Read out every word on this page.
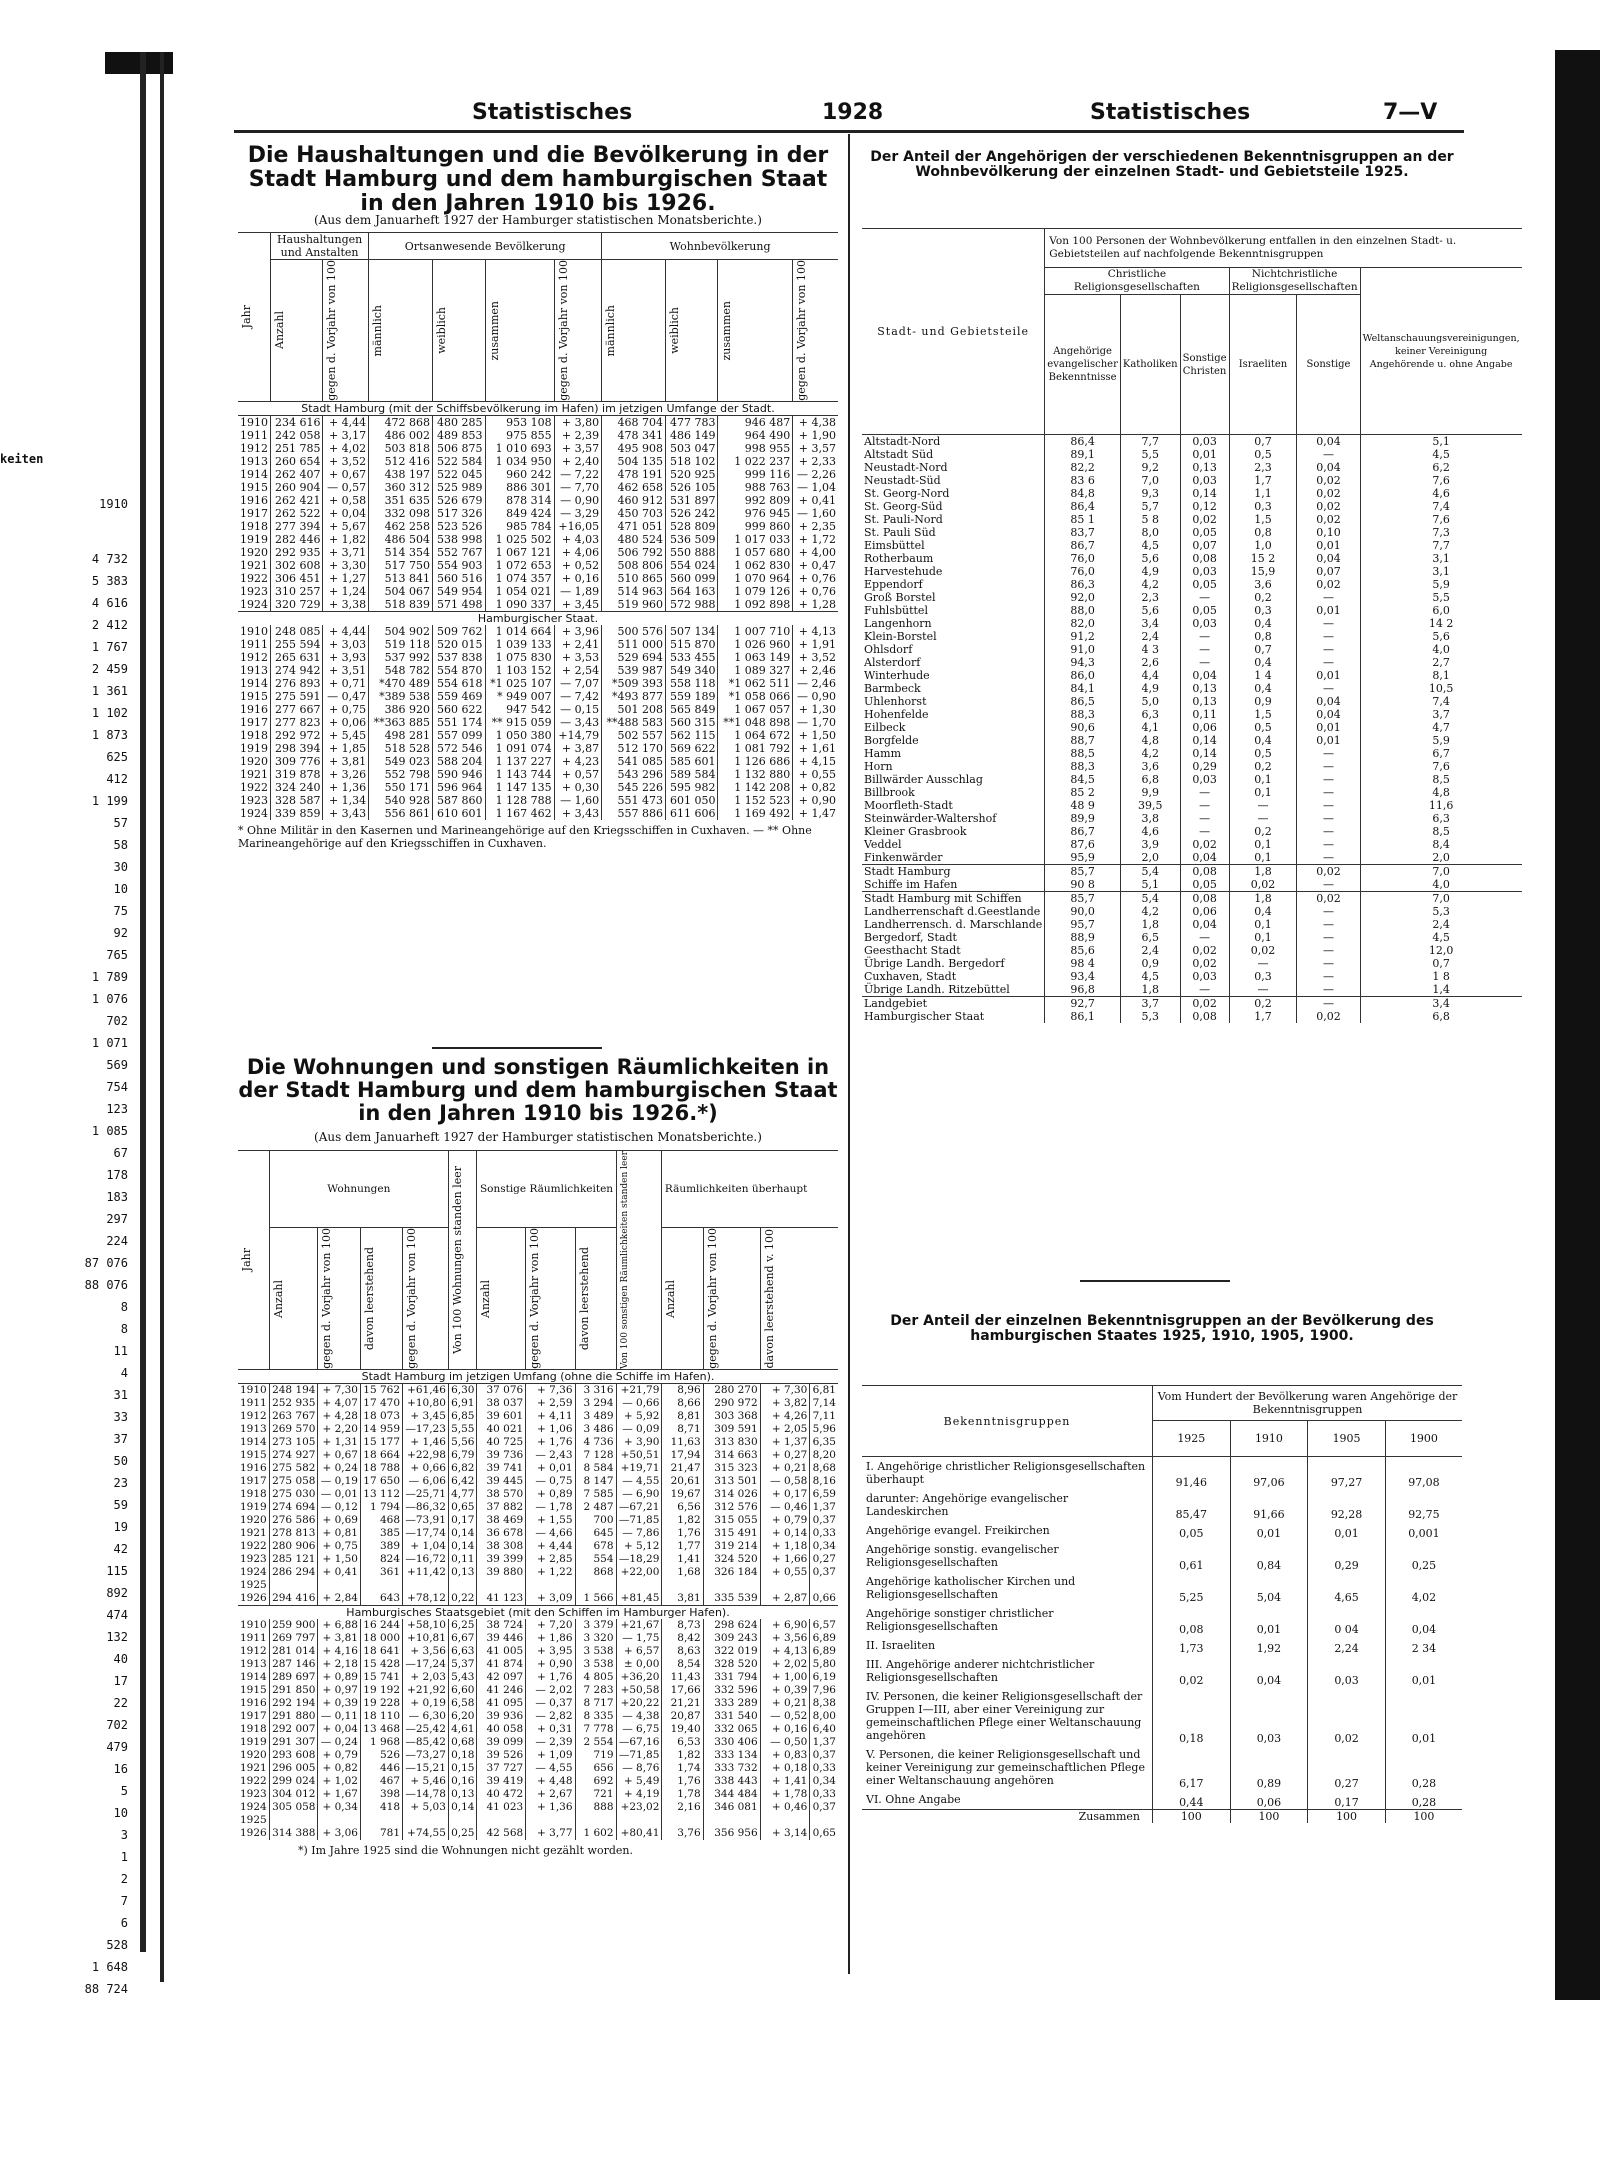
keiten
1910
4 732
5 383
4 616
2 412
1 767
2 459
1 361
1 102
1 873
625
412
1 199
57
58
30
10
75
92
765
1 789
1 076
702
1 071
569
754
123
1 085
67
178
183
297
224
87 076
88 076
8
8
11
4
31
33
37
50
23
59
19
42
115
892
474
132
40
17
22
702
479
16
5
10
3
1
2
7
6
528
1 648
88 724
Statistisches	1928	Statistisches	7—V
Die Haushaltungen und die Bevölkerung in der Stadt Hamburg und dem hamburgischen Staat in den Jahren 1910 bis 1926.
(Aus dem Januarheft 1927 der Hamburger statistischen Monatsberichte.)
Jahr	Haushaltungen und Anstalten		Ortsanwesende Bevölkerung				Wohnbevölkerung			

	Anzahl	gegen d. Vorjahr von 100	männlich	weiblich	zusammen	gegen d. Vorjahr von 100	männlich	weiblich	zusammen	gegen d. Vorjahr von 100

Stadt Hamburg (mit der Schiffsbevölkerung im Hafen) im jetzigen Umfange der Stadt.										
1910	234 616	+ 4,44	472 868	480 285	953 108	+ 3,80	468 704	477 783	946 487	+ 4,38
1911	242 058	+ 3,17	486 002	489 853	975 855	+ 2,39	478 341	486 149	964 490	+ 1,90
1912	251 785	+ 4,02	503 818	506 875	1 010 693	+ 3,57	495 908	503 047	998 955	+ 3,57
1913	260 654	+ 3,52	512 416	522 584	1 034 950	+ 2,40	504 135	518 102	1 022 237	+ 2,33
1914	262 407	+ 0,67	438 197	522 045	960 242	— 7,22	478 191	520 925	999 116	— 2,26
1915	260 904	— 0,57	360 312	525 989	886 301	— 7,70	462 658	526 105	988 763	— 1,04
1916	262 421	+ 0,58	351 635	526 679	878 314	— 0,90	460 912	531 897	992 809	+ 0,41
1917	262 522	+ 0,04	332 098	517 326	849 424	— 3,29	450 703	526 242	976 945	— 1,60
1918	277 394	+ 5,67	462 258	523 526	985 784	+16,05	471 051	528 809	999 860	+ 2,35
1919	282 446	+ 1,82	486 504	538 998	1 025 502	+ 4,03	480 524	536 509	1 017 033	+ 1,72
1920	292 935	+ 3,71	514 354	552 767	1 067 121	+ 4,06	506 792	550 888	1 057 680	+ 4,00
1921	302 608	+ 3,30	517 750	554 903	1 072 653	+ 0,52	508 806	554 024	1 062 830	+ 0,47
1922	306 451	+ 1,27	513 841	560 516	1 074 357	+ 0,16	510 865	560 099	1 070 964	+ 0,76
1923	310 257	+ 1,24	504 067	549 954	1 054 021	— 1,89	514 963	564 163	1 079 126	+ 0,76
1924	320 729	+ 3,38	518 839	571 498	1 090 337	+ 3,45	519 960	572 988	1 092 898	+ 1,28
Hamburgischer Staat.										
1910	248 085	+ 4,44	504 902	509 762	1 014 664	+ 3,96	500 576	507 134	1 007 710	+ 4,13
1911	255 594	+ 3,03	519 118	520 015	1 039 133	+ 2,41	511 000	515 870	1 026 960	+ 1,91
1912	265 631	+ 3,93	537 992	537 838	1 075 830	+ 3,53	529 694	533 455	1 063 149	+ 3,52
1913	274 942	+ 3,51	548 782	554 870	1 103 152	+ 2,54	539 987	549 340	1 089 327	+ 2,46
1914	276 893	+ 0,71	*470 489	554 618	*1 025 107	— 7,07	*509 393	558 118	*1 062 511	— 2,46
1915	275 591	— 0,47	*389 538	559 469	* 949 007	— 7,42	*493 877	559 189	*1 058 066	— 0,90
1916	277 667	+ 0,75	386 920	560 622	947 542	— 0,15	501 208	565 849	1 067 057	+ 1,30
1917	277 823	+ 0,06	**363 885	551 174	** 915 059	— 3,43	**488 583	560 315	**1 048 898	— 1,70
1918	292 972	+ 5,45	498 281	557 099	1 050 380	+14,79	502 557	562 115	1 064 672	+ 1,50
1919	298 394	+ 1,85	518 528	572 546	1 091 074	+ 3,87	512 170	569 622	1 081 792	+ 1,61
1920	309 776	+ 3,81	549 023	588 204	1 137 227	+ 4,23	541 085	585 601	1 126 686	+ 4,15
1921	319 878	+ 3,26	552 798	590 946	1 143 744	+ 0,57	543 296	589 584	1 132 880	+ 0,55
1922	324 240	+ 1,36	550 171	596 964	1 147 135	+ 0,30	545 226	595 982	1 142 208	+ 0,82
1923	328 587	+ 1,34	540 928	587 860	1 128 788	— 1,60	551 473	601 050	1 152 523	+ 0,90
1924	339 859	+ 3,43	556 861	610 601	1 167 462	+ 3,43	557 886	611 606	1 169 492	+ 1,47
* Ohne Militär in den Kasernen und Marineangehörige auf den Kriegsschiffen in Cuxhaven. — ** Ohne Marineangehörige auf den Kriegsschiffen in Cuxhaven.
Die Wohnungen und sonstigen Räumlichkeiten in der Stadt Hamburg und dem hamburgischen Staat in den Jahren 1910 bis 1926.*)
(Aus dem Januarheft 1927 der Hamburger statistischen Monatsberichte.)
Jahr	Wohnungen				Von 100 Wohnungen standen leer	Sonstige Räumlichkeiten			Von 100 sonstigen Räumlichkeiten standen leer	Räumlichkeiten überhaupt			

	Anzahl	gegen d. Vorjahr von 100	davon leerstehend	gegen d. Vorjahr von 100		Anzahl	gegen d. Vorjahr von 100	davon leerstehend		Anzahl	gegen d. Vorjahr von 100	davon leerstehend v. 100	

Stadt Hamburg im jetzigen Umfang (ohne die Schiffe im Hafen).													
1910	248 194	+ 7,30	15 762	+61,46	6,30	37 076	+ 7,36	3 316	+21,79	8,96	280 270	+ 7,30	6,81
1911	252 935	+ 4,07	17 470	+10,80	6,91	38 037	+ 2,59	3 294	— 0,66	8,66	290 972	+ 3,82	7,14
1912	263 767	+ 4,28	18 073	+ 3,45	6,85	39 601	+ 4,11	3 489	+ 5,92	8,81	303 368	+ 4,26	7,11
1913	269 570	+ 2,20	14 959	—17,23	5,55	40 021	+ 1,06	3 486	— 0,09	8,71	309 591	+ 2,05	5,96
1914	273 105	+ 1,31	15 177	+ 1,46	5,56	40 725	+ 1,76	4 736	+ 3,90	11,63	313 830	+ 1,37	6,35
1915	274 927	+ 0,67	18 664	+22,98	6,79	39 736	— 2,43	7 128	+50,51	17,94	314 663	+ 0,27	8,20
1916	275 582	+ 0,24	18 788	+ 0,66	6,82	39 741	+ 0,01	8 584	+19,71	21,47	315 323	+ 0,21	8,68
1917	275 058	— 0,19	17 650	— 6,06	6,42	39 445	— 0,75	8 147	— 4,55	20,61	313 501	— 0,58	8,16
1918	275 030	— 0,01	13 112	—25,71	4,77	38 570	+ 0,89	7 585	— 6,90	19,67	314 026	+ 0,17	6,59
1919	274 694	— 0,12	1 794	—86,32	0,65	37 882	— 1,78	2 487	—67,21	6,56	312 576	— 0,46	1,37
1920	276 586	+ 0,69	468	—73,91	0,17	38 469	+ 1,55	700	—71,85	1,82	315 055	+ 0,79	0,37
1921	278 813	+ 0,81	385	—17,74	0,14	36 678	— 4,66	645	— 7,86	1,76	315 491	+ 0,14	0,33
1922	280 906	+ 0,75	389	+ 1,04	0,14	38 308	+ 4,44	678	+ 5,12	1,77	319 214	+ 1,18	0,34
1923	285 121	+ 1,50	824	—16,72	0,11	39 399	+ 2,85	554	—18,29	1,41	324 520	+ 1,66	0,27
1924	286 294	+ 0,41	361	+11,42	0,13	39 880	+ 1,22	868	+22,00	1,68	326 184	+ 0,55	0,37
1925													
1926	294 416	+ 2,84	643	+78,12	0,22	41 123	+ 3,09	1 566	+81,45	3,81	335 539	+ 2,87	0,66
Hamburgisches Staatsgebiet (mit den Schiffen im Hamburger Hafen).													
1910	259 900	+ 6,88	16 244	+58,10	6,25	38 724	+ 7,20	3 379	+21,67	8,73	298 624	+ 6,90	6,57
1911	269 797	+ 3,81	18 000	+10,81	6,67	39 446	+ 1,86	3 320	— 1,75	8,42	309 243	+ 3,56	6,89
1912	281 014	+ 4,16	18 641	+ 3,56	6,63	41 005	+ 3,95	3 538	+ 6,57	8,63	322 019	+ 4,13	6,89
1913	287 146	+ 2,18	15 428	—17,24	5,37	41 874	+ 0,90	3 538	± 0,00	8,54	328 520	+ 2,02	5,80
1914	289 697	+ 0,89	15 741	+ 2,03	5,43	42 097	+ 1,76	4 805	+36,20	11,43	331 794	+ 1,00	6,19
1915	291 850	+ 0,97	19 192	+21,92	6,60	41 246	— 2,02	7 283	+50,58	17,66	332 596	+ 0,39	7,96
1916	292 194	+ 0,39	19 228	+ 0,19	6,58	41 095	— 0,37	8 717	+20,22	21,21	333 289	+ 0,21	8,38
1917	291 880	— 0,11	18 110	— 6,30	6,20	39 936	— 2,82	8 335	— 4,38	20,87	331 540	— 0,52	8,00
1918	292 007	+ 0,04	13 468	—25,42	4,61	40 058	+ 0,31	7 778	— 6,75	19,40	332 065	+ 0,16	6,40
1919	291 307	— 0,24	1 968	—85,42	0,68	39 099	— 2,39	2 554	—67,16	6,53	330 406	— 0,50	1,37
1920	293 608	+ 0,79	526	—73,27	0,18	39 526	+ 1,09	719	—71,85	1,82	333 134	+ 0,83	0,37
1921	296 005	+ 0,82	446	—15,21	0,15	37 727	— 4,55	656	— 8,76	1,74	333 732	+ 0,18	0,33
1922	299 024	+ 1,02	467	+ 5,46	0,16	39 419	+ 4,48	692	+ 5,49	1,76	338 443	+ 1,41	0,34
1923	304 012	+ 1,67	398	—14,78	0,13	40 472	+ 2,67	721	+ 4,19	1,78	344 484	+ 1,78	0,33
1924	305 058	+ 0,34	418	+ 5,03	0,14	41 023	+ 1,36	888	+23,02	2,16	346 081	+ 0,46	0,37
1925													
1926	314 388	+ 3,06	781	+74,55	0,25	42 568	+ 3,77	1 602	+80,41	3,76	356 956	+ 3,14	0,65
*) Im Jahre 1925 sind die Wohnungen nicht gezählt worden.
Der Anteil der Angehörigen der verschiedenen Bekenntnisgruppen an der Wohnbevölkerung der einzelnen Stadt- und Gebietsteile 1925.
Stadt- und Gebietsteile	Von 100 Personen der Wohnbevölkerung entfallen in den einzelnen Stadt- u. Gebietsteilen auf nachfolgende Bekenntnisgruppen					
	Christliche Religionsgesellschaften			Nichtchristliche Religionsgesellschaften		Weltanschauungsvereinigungen, keiner Vereinigung Angehörende u. ohne Angabe
	Angehörige evangelischer Bekenntnisse	Katholiken	Sonstige Christen	Israeliten	Sonstige	
Altstadt-Nord	86,4	7,7	0,03	0,7	0,04	5,1
Altstadt Süd	89,1	5,5	0,01	0,5	—	4,5
Neustadt-Nord	82,2	9,2	0,13	2,3	0,04	6,2
Neustadt-Süd	83 6	7,0	0,03	1,7	0,02	7,6
St. Georg-Nord	84,8	9,3	0,14	1,1	0,02	4,6
St. Georg-Süd	86,4	5,7	0,12	0,3	0,02	7,4
St. Pauli-Nord	85 1	5 8	0,02	1,5	0,02	7,6
St. Pauli Süd	83,7	8,0	0,05	0,8	0,10	7,3
Eimsbüttel	86,7	4,5	0,07	1,0	0,01	7,7
Rotherbaum	76,0	5,6	0,08	15 2	0,04	3,1
Harvestehude	76,0	4,9	0,03	15,9	0,07	3,1
Eppendorf	86,3	4,2	0,05	3,6	0,02	5,9
Groß Borstel	92,0	2,3	—	0,2	—	5,5
Fuhlsbüttel	88,0	5,6	0,05	0,3	0,01	6,0
Langenhorn	82,0	3,4	0,03	0,4	—	14 2
Klein-Borstel	91,2	2,4	—	0,8	—	5,6
Ohlsdorf	91,0	4 3	—	0,7	—	4,0
Alsterdorf	94,3	2,6	—	0,4	—	2,7
Winterhude	86,0	4,4	0,04	1 4	0,01	8,1
Barmbeck	84,1	4,9	0,13	0,4	—	10,5
Uhlenhorst	86,5	5,0	0,13	0,9	0,04	7,4
Hohenfelde	88,3	6,3	0,11	1,5	0,04	3,7
Eilbeck	90,6	4,1	0,06	0,5	0,01	4,7
Borgfelde	88,7	4,8	0,14	0,4	0,01	5,9
Hamm	88,5	4,2	0,14	0,5	—	6,7
Horn	88,3	3,6	0,29	0,2	—	7,6
Billwärder Ausschlag	84,5	6,8	0,03	0,1	—	8,5
Billbrook	85 2	9,9	—	0,1	—	4,8
Moorfleth-Stadt	48 9	39,5	—	—	—	11,6
Steinwärder-Waltershof	89,9	3,8	—	—	—	6,3
Kleiner Grasbrook	86,7	4,6	—	0,2	—	8,5
Veddel	87,6	3,9	0,02	0,1	—	8,4
Finkenwärder	95,9	2,0	0,04	0,1	—	2,0
Stadt Hamburg	85,7	5,4	0,08	1,8	0,02	7,0
Schiffe im Hafen	90 8	5,1	0,05	0,02	—	4,0
Stadt Hamburg mit Schiffen	85,7	5,4	0,08	1,8	0,02	7,0
Landherrenschaft d.Geestlande	90,0	4,2	0,06	0,4	—	5,3
Landherrensch. d. Marschlande	95,7	1,8	0,04	0,1	—	2,4
Bergedorf, Stadt	88,9	6,5	—	0,1	—	4,5
Geesthacht Stadt	85,6	2,4	0,02	0,02	—	12,0
Übrige Landh. Bergedorf	98 4	0,9	0,02	—	—	0,7
Cuxhaven, Stadt	93,4	4,5	0,03	0,3	—	1 8
Übrige Landh. Ritzebüttel	96,8	1,8	—	—	—	1,4
Landgebiet	92,7	3,7	0,02	0,2	—	3,4
Hamburgischer Staat	86,1	5,3	0,08	1,7	0,02	6,8
Der Anteil der einzelnen Bekenntnisgruppen an der Bevölkerung des hamburgischen Staates 1925, 1910, 1905, 1900.
Bekenntnisgruppen	Vom Hundert der Bevölkerung waren Angehörige der Bekenntnisgruppen			
	1925	1910	1905	1900
I. Angehörige christlicher Religionsgesellschaften überhaupt	91,46	97,06	97,27	97,08
darunter: Angehörige evangelischer Landeskirchen	85,47	91,66	92,28	92,75
Angehörige evangel. Freikirchen	0,05	0,01	0,01	0,001
Angehörige sonstig. evangelischer Religionsgesellschaften	0,61	0,84	0,29	0,25
Angehörige katholischer Kirchen und Religionsgesellschaften	5,25	5,04	4,65	4,02
Angehörige sonstiger christlicher Religionsgesellschaften	0,08	0,01	0 04	0,04
II. Israeliten	1,73	1,92	2,24	2 34
III. Angehörige anderer nichtchristlicher Religionsgesellschaften	0,02	0,04	0,03	0,01
IV. Personen, die keiner Religionsgesellschaft der Gruppen I—III, aber einer Vereinigung zur gemeinschaftlichen Pflege einer Weltanschauung angehören	0,18	0,03	0,02	0,01
V. Personen, die keiner Religionsgesellschaft und keiner Vereinigung zur gemeinschaftlichen Pflege einer Weltanschauung angehören	6,17	0,89	0,27	0,28
VI. Ohne Angabe	0,44	0,06	0,17	0,28
Zusammen	100	100	100	100
